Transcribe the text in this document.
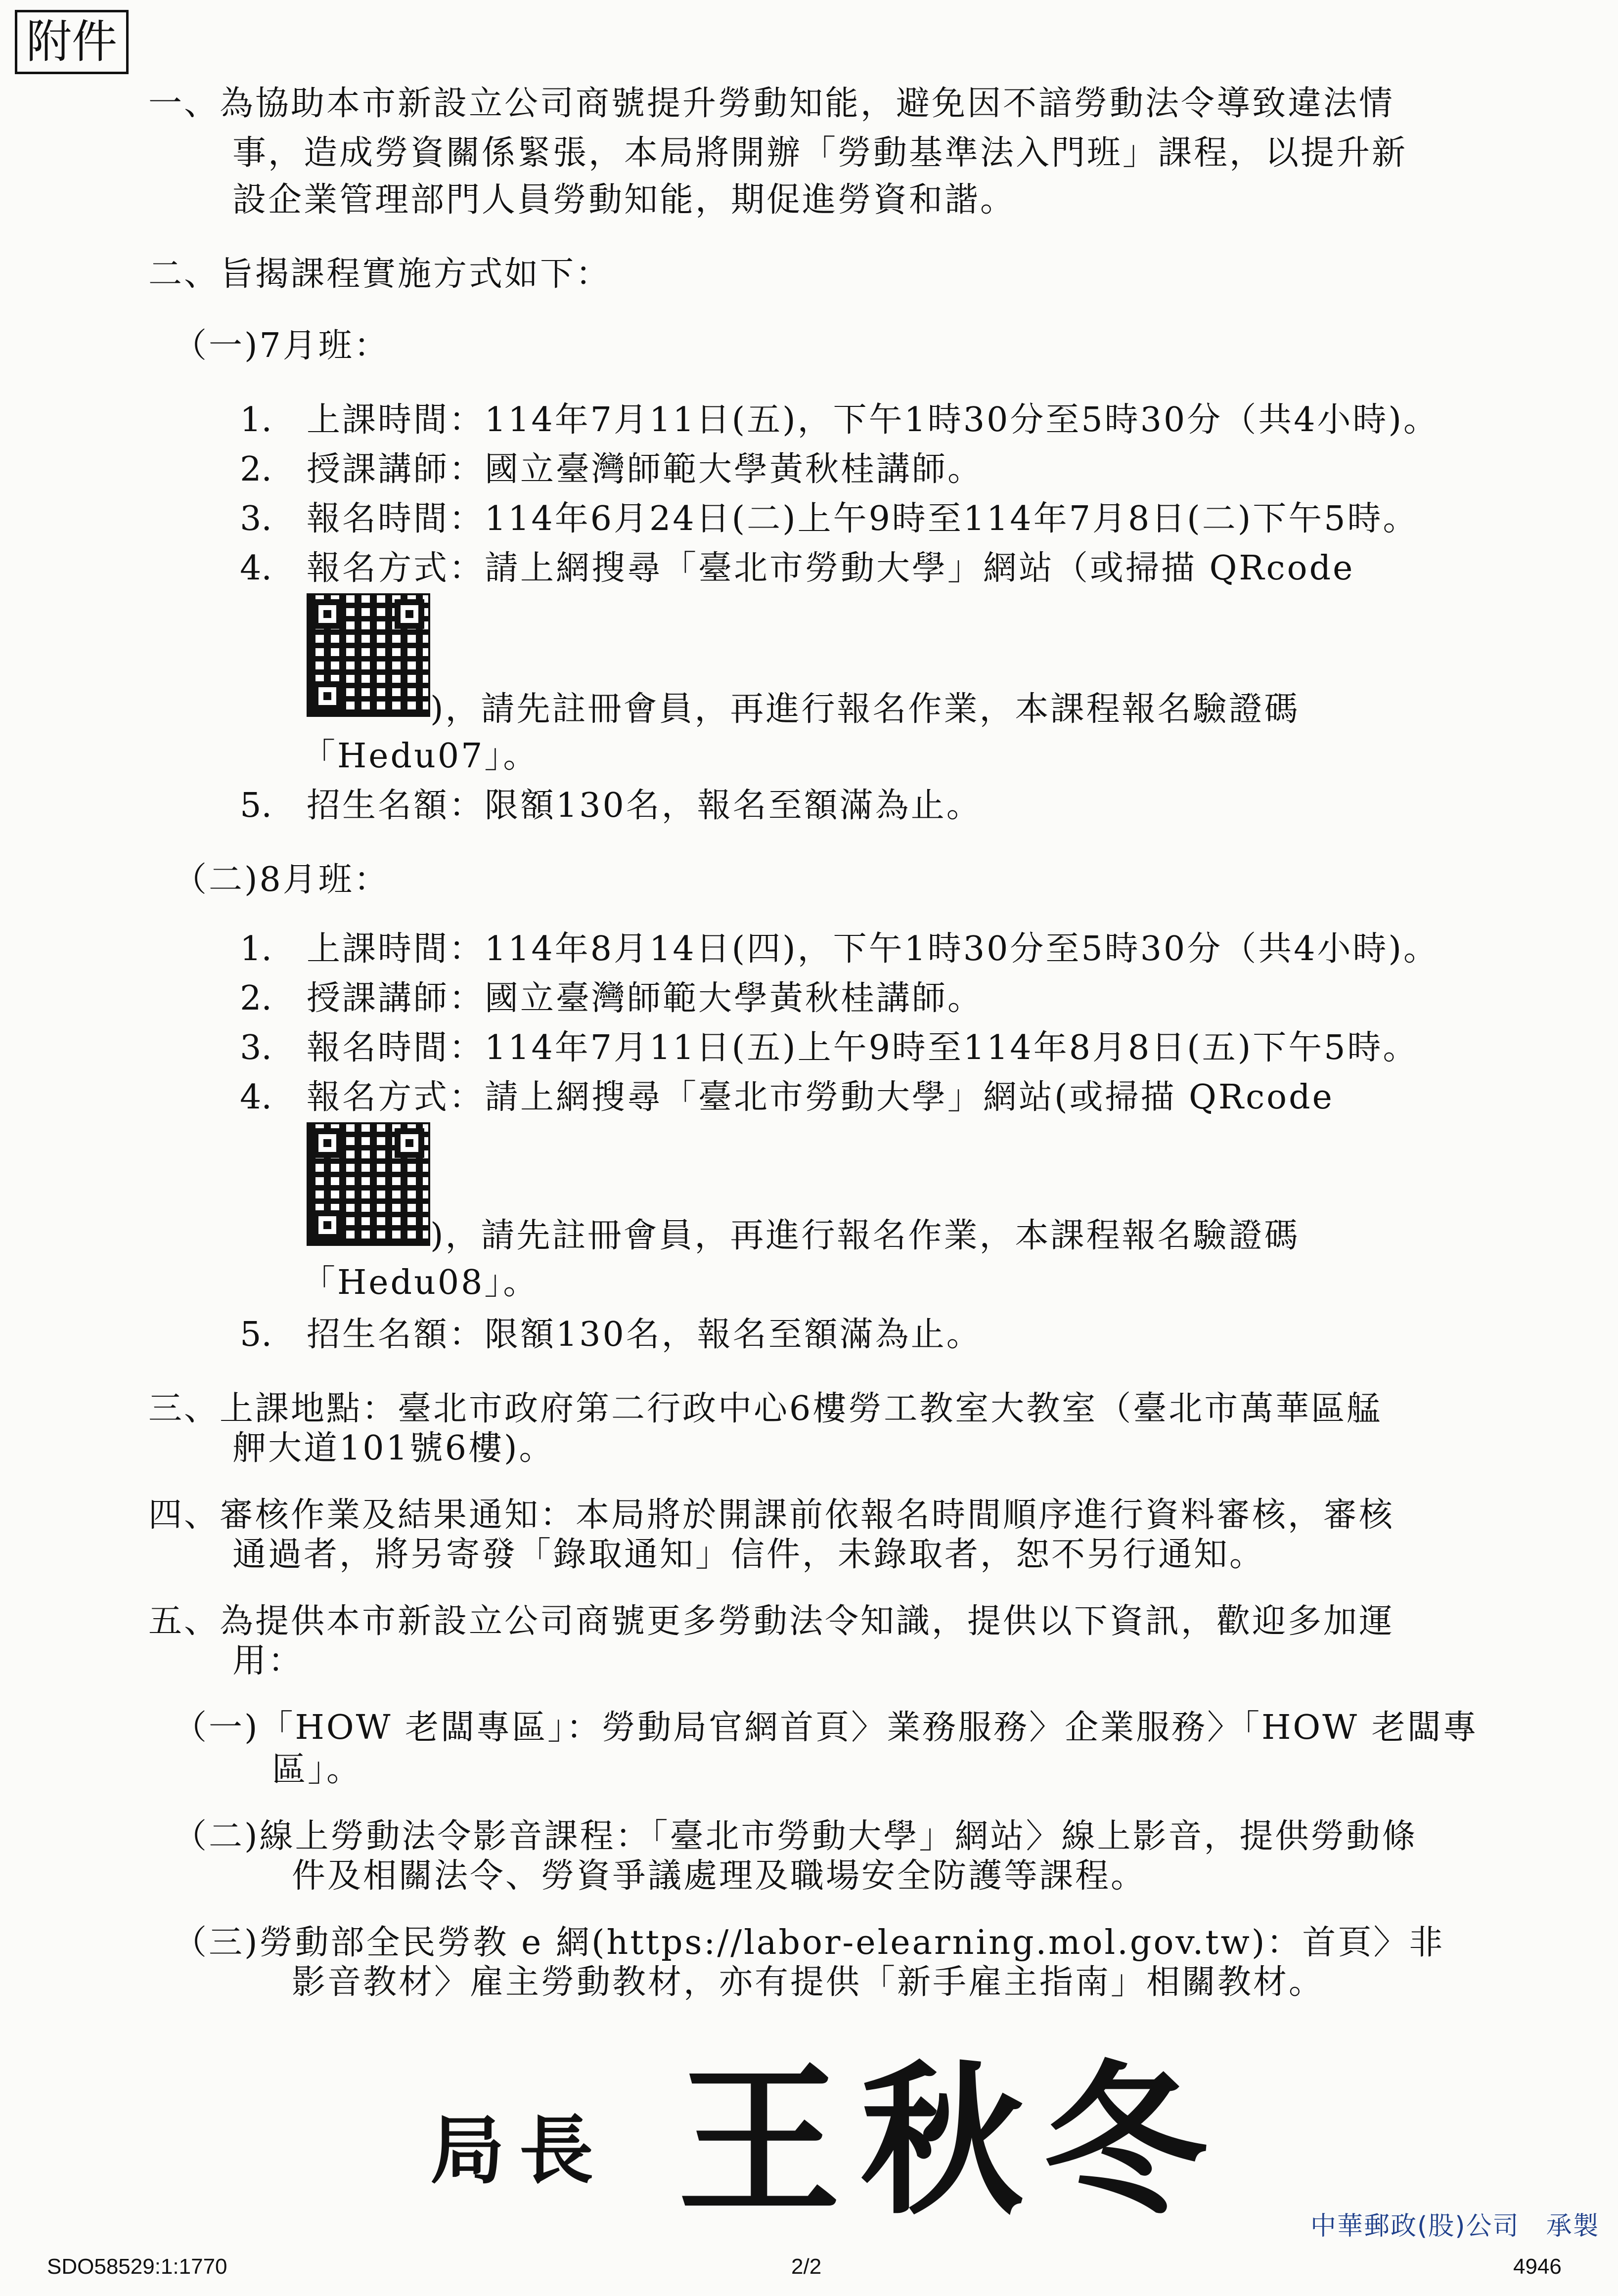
附件
一、為協助本市新設立公司商號提升勞動知能，避免因不諳勞動法令導致違法情
事，造成勞資關係緊張，本局將開辦「勞動基準法入門班」課程，以提升新
設企業管理部門人員勞動知能，期促進勞資和諧。
二、旨揭課程實施方式如下：
（一)7月班：
1. 上課時間：114年7月11日(五)，下午1時30分至5時30分（共4小時)。
2. 授課講師：國立臺灣師範大學黃秋桂講師。
3. 報名時間：114年6月24日(二)上午9時至114年7月8日(二)下午5時。
4. 報名方式：請上網搜尋「臺北市勞動大學」網站（或掃描 QRcode
)，請先註冊會員，再進行報名作業，本課程報名驗證碼
「Hedu07」。
5. 招生名額：限額130名，報名至額滿為止。
（二)8月班：
1. 上課時間：114年8月14日(四)，下午1時30分至5時30分（共4小時)。
2. 授課講師：國立臺灣師範大學黃秋桂講師。
3. 報名時間：114年7月11日(五)上午9時至114年8月8日(五)下午5時。
4. 報名方式：請上網搜尋「臺北市勞動大學」網站(或掃描 QRcode
)，請先註冊會員，再進行報名作業，本課程報名驗證碼
「Hedu08」。
5. 招生名額：限額130名，報名至額滿為止。
三、上課地點：臺北市政府第二行政中心6樓勞工教室大教室（臺北市萬華區艋
舺大道101號6樓)。
四、審核作業及結果通知：本局將於開課前依報名時間順序進行資料審核，審核
通過者，將另寄發「錄取通知」信件，未錄取者，恕不另行通知。
五、為提供本市新設立公司商號更多勞動法令知識，提供以下資訊，歡迎多加運
用：
（一)「HOW 老闆專區」：勞動局官網首頁〉業務服務〉企業服務〉「HOW 老闆專
區」。
（二)線上勞動法令影音課程：「臺北市勞動大學」網站〉線上影音，提供勞動條
件及相關法令、勞資爭議處理及職場安全防護等課程。
（三)勞動部全民勞教 e 網(https://labor-elearning.mol.gov.tw)：首頁〉非
影音教材〉雇主勞動教材，亦有提供「新手雇主指南」相關教材。
局長 王秋冬	中華郵政(股)公司　承製
SDO58529:1:1770	2/2	4946
